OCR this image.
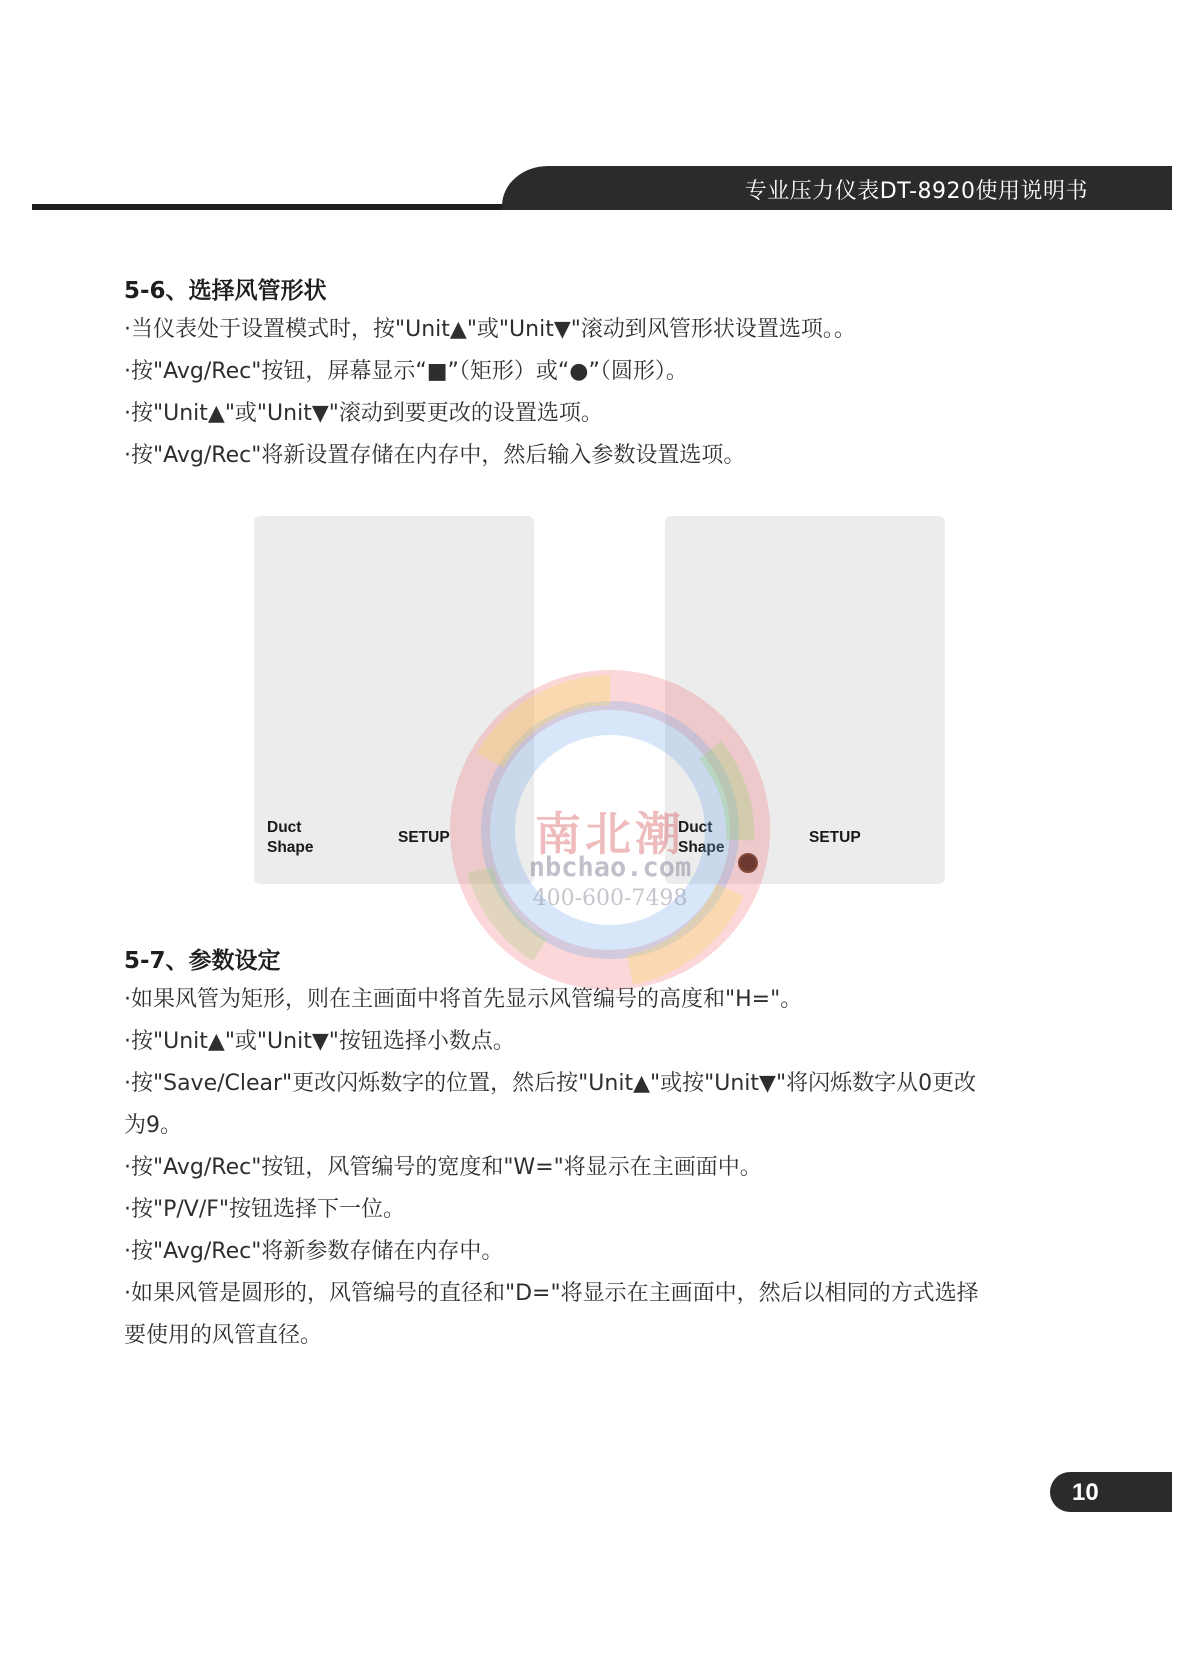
专业压力仪表DT-8920使用说明书
5-6、选择风管形状

·当仪表处于设置模式时，按"Unit▲"或"Unit▼"滚动到风管形状设置选项。。

·按"Avg/Rec"按钮，屏幕显示“■”（矩形）或“●”（圆形）。

·按"Unit▲"或"Unit▼"滚动到要更改的设置选项。

·按"Avg/Rec"将新设置存储在内存中，然后输入参数设置选项。

Duct
Shape
SETUP
Duct
Shape
SETUP
南北潮
nbchao.com
400-600-7498
5-7、参数设定

·如果风管为矩形，则在主画面中将首先显示风管编号的高度和"H="。

·按"Unit▲"或"Unit▼"按钮选择小数点。

·按"Save/Clear"更改闪烁数字的位置，然后按"Unit▲"或按"Unit▼"将闪烁数字从0更改

为9。

·按"Avg/Rec"按钮，风管编号的宽度和"W="将显示在主画面中。

·按"P/V/F"按钮选择下一位。

·按"Avg/Rec"将新参数存储在内存中。

·如果风管是圆形的，风管编号的直径和"D="将显示在主画面中，然后以相同的方式选择

要使用的风管直径。

10
